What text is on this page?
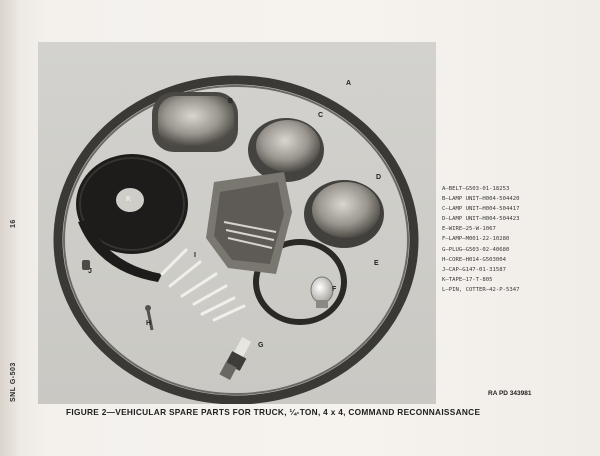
16
SNL G-503
A
B
C
D
E
F
G
H
I
J
K
A—BELT—G503-01-18253
B—LAMP UNIT—H004-504420
C—LAMP UNIT—H004-504417
D—LAMP UNIT—H004-504423
E—WIRE—25-W-1067
F—LAMP—M001-22-10280
G—PLUG—G503-02-40680
H—CORE—H014-G503004
J—CAP—G147-01-31587
K—TAPE—17-T-805
L—PIN, COTTER—42-P-5347
RA PD 343981
FIGURE 2—VEHICULAR SPARE PARTS FOR TRUCK, ¼-TON, 4 x 4, COMMAND RECONNAISSANCE
